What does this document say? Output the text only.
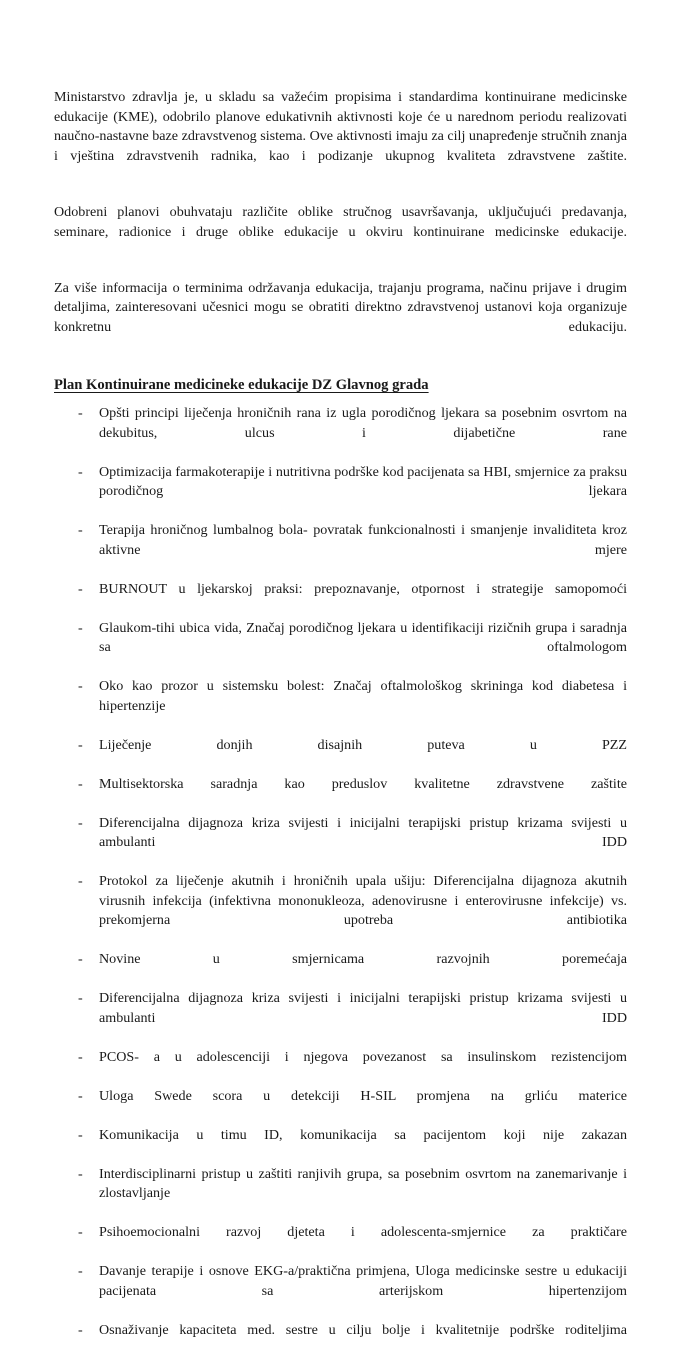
Ministarstvo zdravlja je, u skladu sa važećim propisima i standardima kontinuirane medicinske edukacije (KME), odobrilo planove edukativnih aktivnosti koje će u narednom periodu realizovati naučno-nastavne baze zdravstvenog sistema. Ove aktivnosti imaju za cilj unapređenje stručnih znanja i vještina zdravstvenih radnika, kao i podizanje ukupnog kvaliteta zdravstvene zaštite.

Odobreni planovi obuhvataju različite oblike stručnog usavršavanja, uključujući predavanja, seminare, radionice i druge oblike edukacije u okviru kontinuirane medicinske edukacije.

Za više informacija o terminima održavanja edukacija, trajanju programa, načinu prijave i drugim detaljima, zainteresovani učesnici mogu se obratiti direktno zdravstvenoj ustanovi koja organizuje konkretnu edukaciju.

Plan Kontinuirane medicineke edukacije DZ Glavnog grada
-	Opšti principi liječenja hroničnih rana iz ugla porodičnog ljekara sa posebnim osvrtom na dekubitus, ulcus i dijabetične rane
-	Optimizacija farmakoterapije i nutritivna podrške kod pacijenata sa HBI, smjernice za praksu porodičnog ljekara
-	Terapija hroničnog lumbalnog bola- povratak funkcionalnosti i smanjenje invaliditeta kroz aktivne mjere
-	BURNOUT u ljekarskoj praksi: prepoznavanje, otpornost i strategije samopomoći
-	Glaukom-tihi ubica vida, Značaj porodičnog ljekara u identifikaciji rizičnih grupa i saradnja sa oftalmologom
-	Oko kao prozor u sistemsku bolest: Značaj oftalmološkog skrininga kod diabetesa i hipertenzije
-	Liječenje donjih disajnih puteva u PZZ
-	Multisektorska saradnja kao preduslov kvalitetne zdravstvene zaštite
-	Diferencijalna dijagnoza kriza svijesti i inicijalni terapijski pristup krizama svijesti u ambulanti IDD
-	Protokol za liječenje akutnih i hroničnih upala ušiju: Diferencijalna dijagnoza akutnih virusnih infekcija (infektivna mononukleoza, adenovirusne i enterovirusne infekcije) vs. prekomjerna upotreba antibiotika
-	Novine u smjernicama razvojnih poremećaja
-	Diferencijalna dijagnoza kriza svijesti i inicijalni terapijski pristup krizama svijesti u ambulanti IDD
-	PCOS- a u adolescenciji i njegova povezanost sa insulinskom rezistencijom
-	Uloga Swede scora u detekciji H-SIL promjena na grliću materice
-	Komunikacija u timu ID, komunikacija sa pacijentom koji nije zakazan
-	Interdisciplinarni pristup u zaštiti ranjivih grupa, sa posebnim osvrtom na zanemarivanje i zlostavljanje
-	Psihoemocionalni razvoj djeteta i adolescenta-smjernice za praktičare
-	Davanje terapije i osnove EKG-a/praktična primjena, Uloga medicinske sestre u edukaciji pacijenata sa arterijskom hipertenzijom
-	Osnaživanje kapaciteta med. sestre u cilju bolje i kvalitetnije podrške roditeljima
